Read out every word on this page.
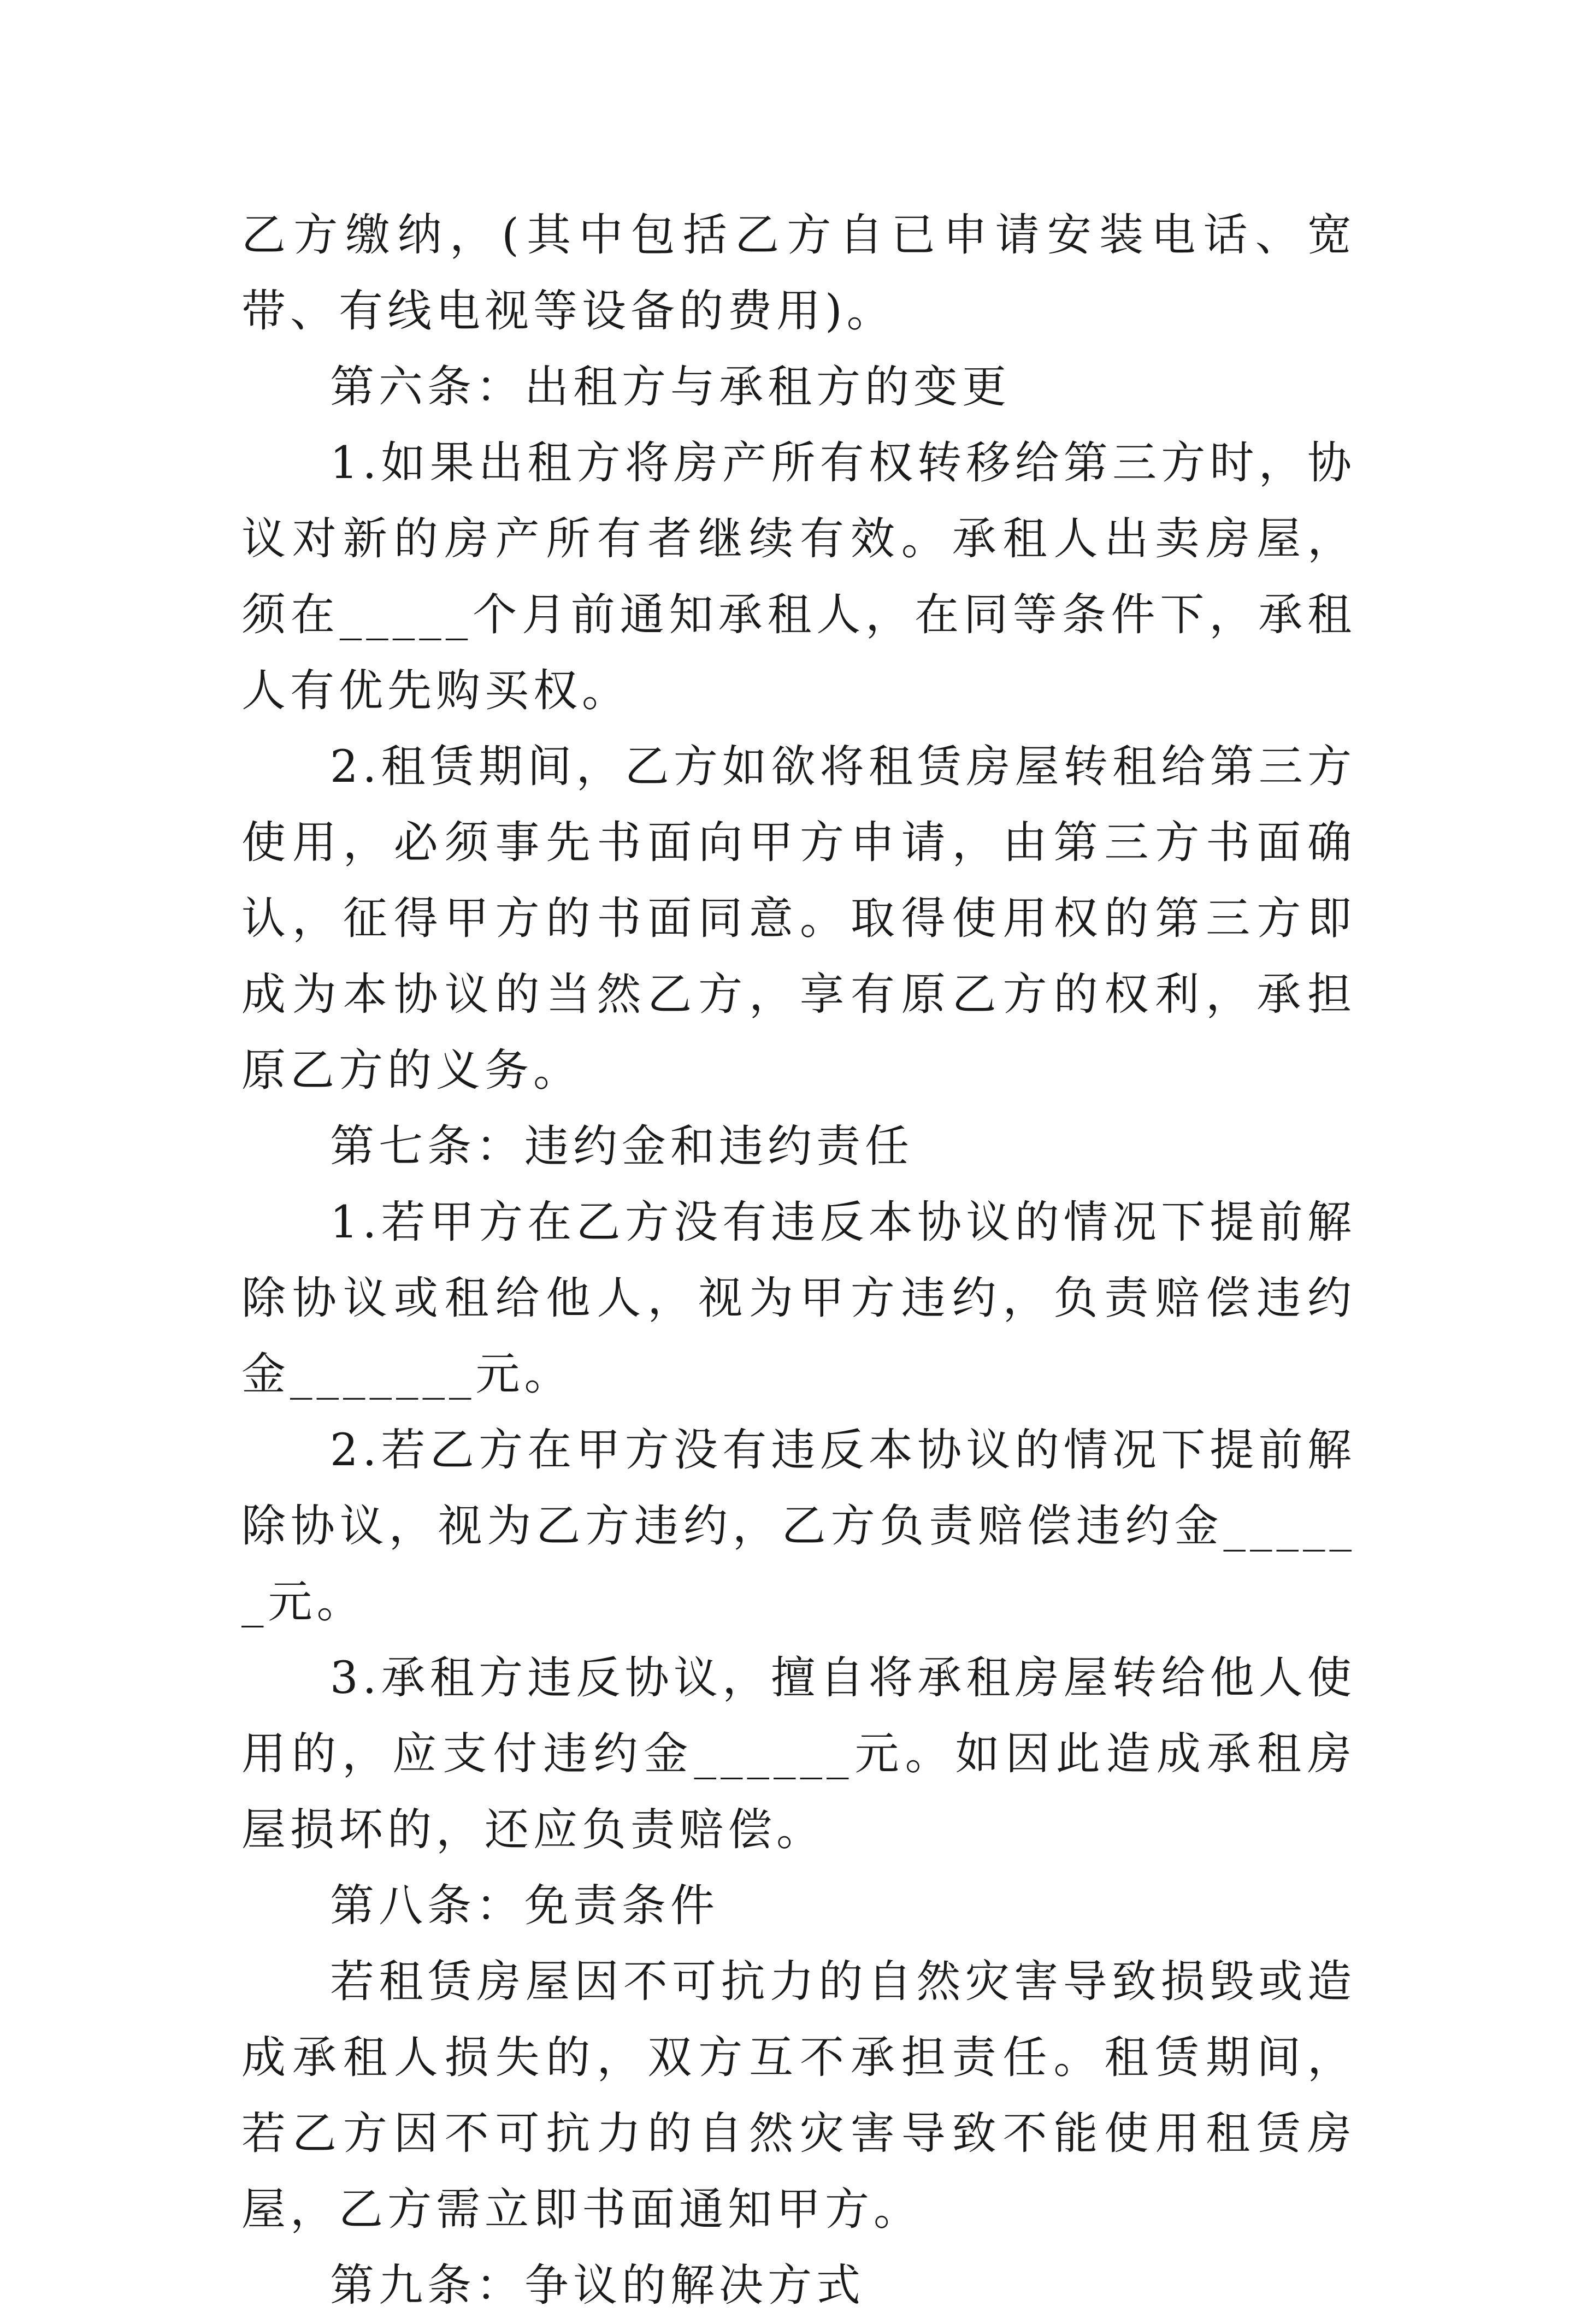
乙方缴纳，(其中包括乙方自已申请安装电话、宽带、有线电视等设备的费用)。

第六条：出租方与承租方的变更

1.如果出租方将房产所有权转移给第三方时，协议对新的房产所有者继续有效。承租人出卖房屋，须在_____个月前通知承租人，在同等条件下，承租人有优先购买权。

2.租赁期间，乙方如欲将租赁房屋转租给第三方使用，必须事先书面向甲方申请，由第三方书面确认，征得甲方的书面同意。取得使用权的第三方即成为本协议的当然乙方，享有原乙方的权利，承担原乙方的义务。

第七条：违约金和违约责任

1.若甲方在乙方没有违反本协议的情况下提前解除协议或租给他人，视为甲方违约，负责赔偿违约金_______元。

2.若乙方在甲方没有违反本协议的情况下提前解除协议，视为乙方违约，乙方负责赔偿违约金______元。

3.承租方违反协议，擅自将承租房屋转给他人使用的，应支付违约金______元。如因此造成承租房屋损坏的，还应负责赔偿。

第八条：免责条件

若租赁房屋因不可抗力的自然灾害导致损毁或造成承租人损失的，双方互不承担责任。租赁期间，若乙方因不可抗力的自然灾害导致不能使用租赁房屋，乙方需立即书面通知甲方。

第九条：争议的解决方式
